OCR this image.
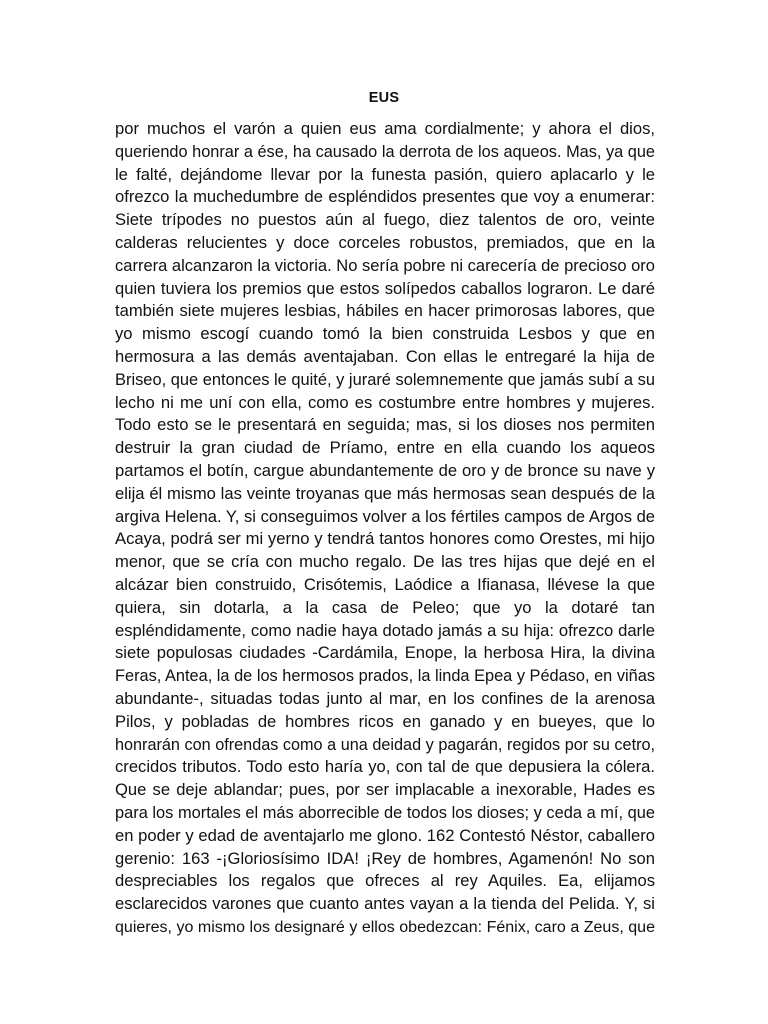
EUS
por muchos el varón a quien eus ama cordialmente; y ahora el dios,
queriendo honrar a ése, ha causado la derrota de los aqueos. Mas, ya que
le falté, dejándome llevar por la funesta pasión, quiero aplacarlo y le
ofrezco la muchedumbre de espléndidos presentes que voy a enumerar:
Siete trípodes no puestos aún al fuego, diez talentos de oro, veinte
calderas relucientes y doce corceles robustos, premiados, que en la
carrera alcanzaron la victoria. No sería pobre ni carecería de precioso oro
quien tuviera los premios que estos solípedos caballos lograron. Le daré
también siete mujeres lesbias, hábiles en hacer primorosas labores, que
yo mismo escogí cuando tomó la bien construida Lesbos y que en
hermosura a las demás aventajaban. Con ellas le entregaré la hija de
Briseo, que entonces le quité, y juraré solemnemente que jamás subí a su
lecho ni me uní con ella, como es costumbre entre hombres y mujeres.
Todo esto se le presentará en seguida; mas, si los dioses nos permiten
destruir la gran ciudad de Príamo, entre en ella cuando los aqueos
partamos el botín, cargue abundantemente de oro y de bronce su nave y
elija él mismo las veinte troyanas que más hermosas sean después de la
argiva Helena. Y, si conseguimos volver a los fértiles campos de Argos de
Acaya, podrá ser mi yerno y tendrá tantos honores como Orestes, mi hijo
menor, que se cría con mucho regalo. De las tres hijas que dejé en el
alcázar bien construido, Crisótemis, Laódice a Ifianasa, llévese la que
quiera, sin dotarla, a la casa de Peleo; que yo la dotaré tan
espléndidamente, como nadie haya dotado jamás a su hija: ofrezco darle
siete populosas ciudades -Cardámila, Enope, la herbosa Hira, la divina
Feras, Antea, la de los hermosos prados, la linda Epea y Pédaso, en viñas
abundante-, situadas todas junto al mar, en los confines de la arenosa
Pilos, y pobladas de hombres ricos en ganado y en bueyes, que lo
honrarán con ofrendas como a una deidad y pagarán, regidos por su cetro,
crecidos tributos. Todo esto haría yo, con tal de que depusiera la cólera.
Que se deje ablandar; pues, por ser implacable a inexorable, Hades es
para los mortales el más aborrecible de todos los dioses; y ceda a mí, que
en poder y edad de aventajarlo me glono. 162 Contestó Néstor, caballero
gerenio: 163 -¡Gloriosísimo IDA! ¡Rey de hombres, Agamenón! No son
despreciables los regalos que ofreces al rey Aquiles. Ea, elijamos
esclarecidos varones que cuanto antes vayan a la tienda del Pelida. Y, si
quieres, yo mismo los designaré y ellos obedezcan: Fénix, caro a Zeus, que
